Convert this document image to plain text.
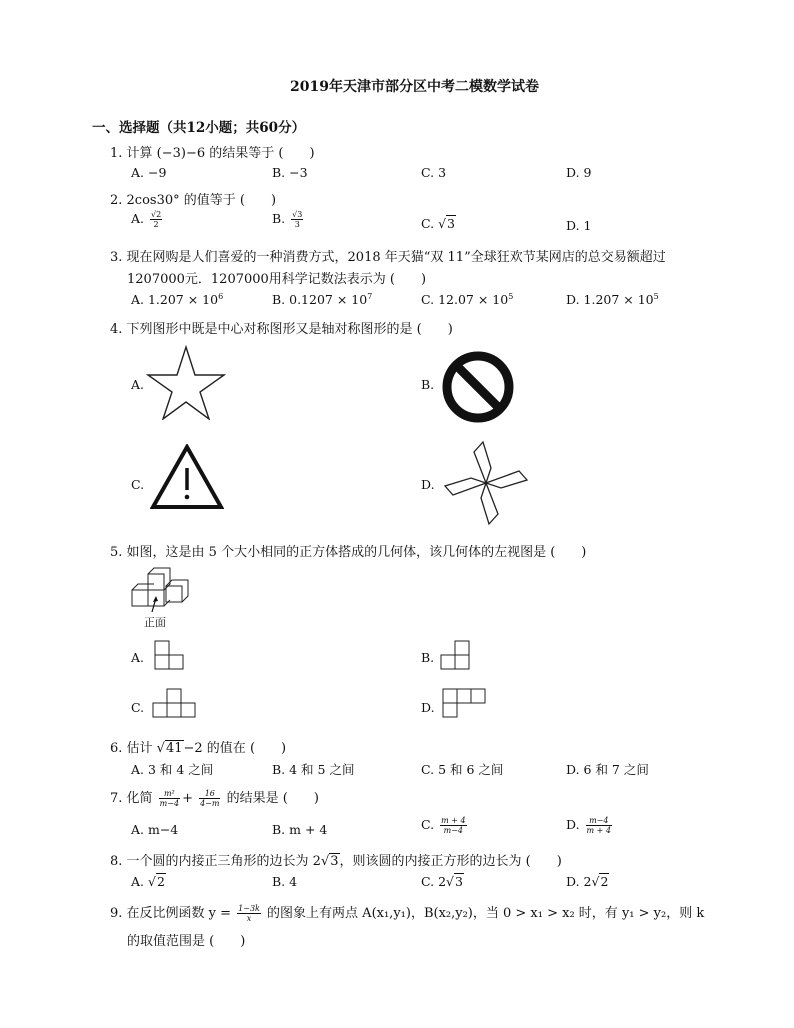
2019年天津市部分区中考二模数学试卷
一、选择题（共12小题；共60分）
1. 计算 (−3)−6 的结果等于 (　　)
A. −9	B. −3	C. 3	D. 9
2. 2cos30° 的值等于 (　　)
A. $\frac{√2}{2}$	B. $\frac{√3}{3}$	C. √3	D. 1
3. 现在网购是人们喜爱的一种消费方式，2018 年天猫“双 11”全球狂欢节某网店的总交易额超过
1207000元．1207000用科学记数法表示为 (　　)
A. $1.207 \times 10^6$	B. $0.1207 \times 10^7$	C. $12.07 \times 10^5$	D. $1.207 \times 10^5$
4. 下列图形中既是中心对称图形又是轴对称图形的是 (　　)
A.	B.
C.	D.
5. 如图，这是由 5 个大小相同的正方体搭成的几何体，该几何体的左视图是 (　　)
正面
A.	B.
C.	D.
6. 估计 √41−2 的值在 (　　)
A. 3 和 4 之间	B. 4 和 5 之间	C. 5 和 6 之间	D. 6 和 7 之间
7. 化简 $\frac{\text{m²}}{m-4} + \frac{16}{4-m}$ 的结果是 (　　)
A. m−4	B. m + 4	C. $\frac{m + 4}{m-4}$	D. $\frac{m-4}{m + 4}$
8. 一个圆的内接正三角形的边长为 2√3，则该圆的内接正方形的边长为 (　　)
A. √2	B. 4	C. 2√3	D. 2√2
9. 在反比例函数 $y = \frac{1-3k}{x}$ 的图象上有两点 A(x₁,y₁)，B(x₂,y₂)，当 0 > x₁ > x₂ 时，有 y₁ > y₂，则 k
的取值范围是 (　　)
